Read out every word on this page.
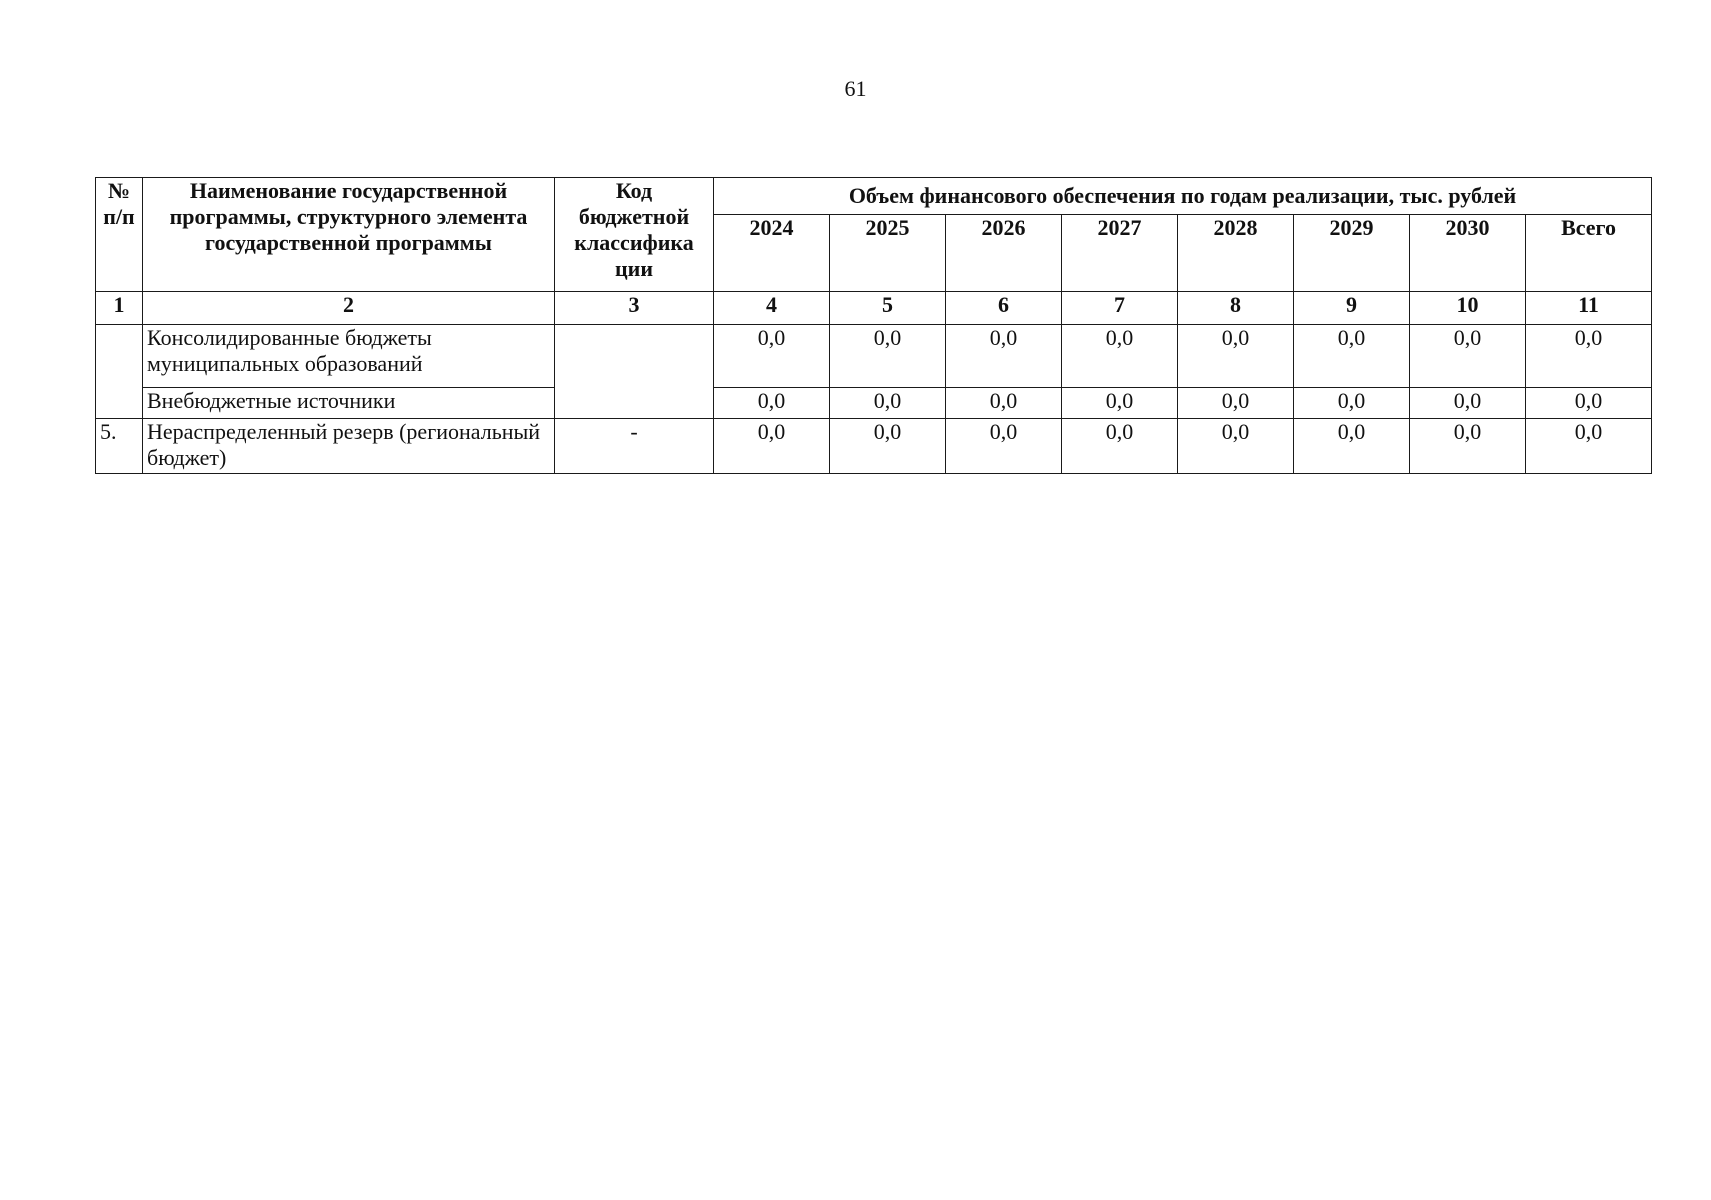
61
№ п/п	Наименование государственной программы, структурного элемента государственной программы	Код бюджетной классифика ции	Объем финансового обеспечения по годам реализации, тыс. рублей							
			2024	2025	2026	2027	2028	2029	2030	Всего
1	2	3	4	5	6	7	8	9	10	11
	Консолидированные бюджеты муниципальных образований		0,0	0,0	0,0	0,0	0,0	0,0	0,0	0,0
	Внебюджетные источники		0,0	0,0	0,0	0,0	0,0	0,0	0,0	0,0
5.	Нераспределенный резерв (региональный бюджет)	-	0,0	0,0	0,0	0,0	0,0	0,0	0,0	0,0
